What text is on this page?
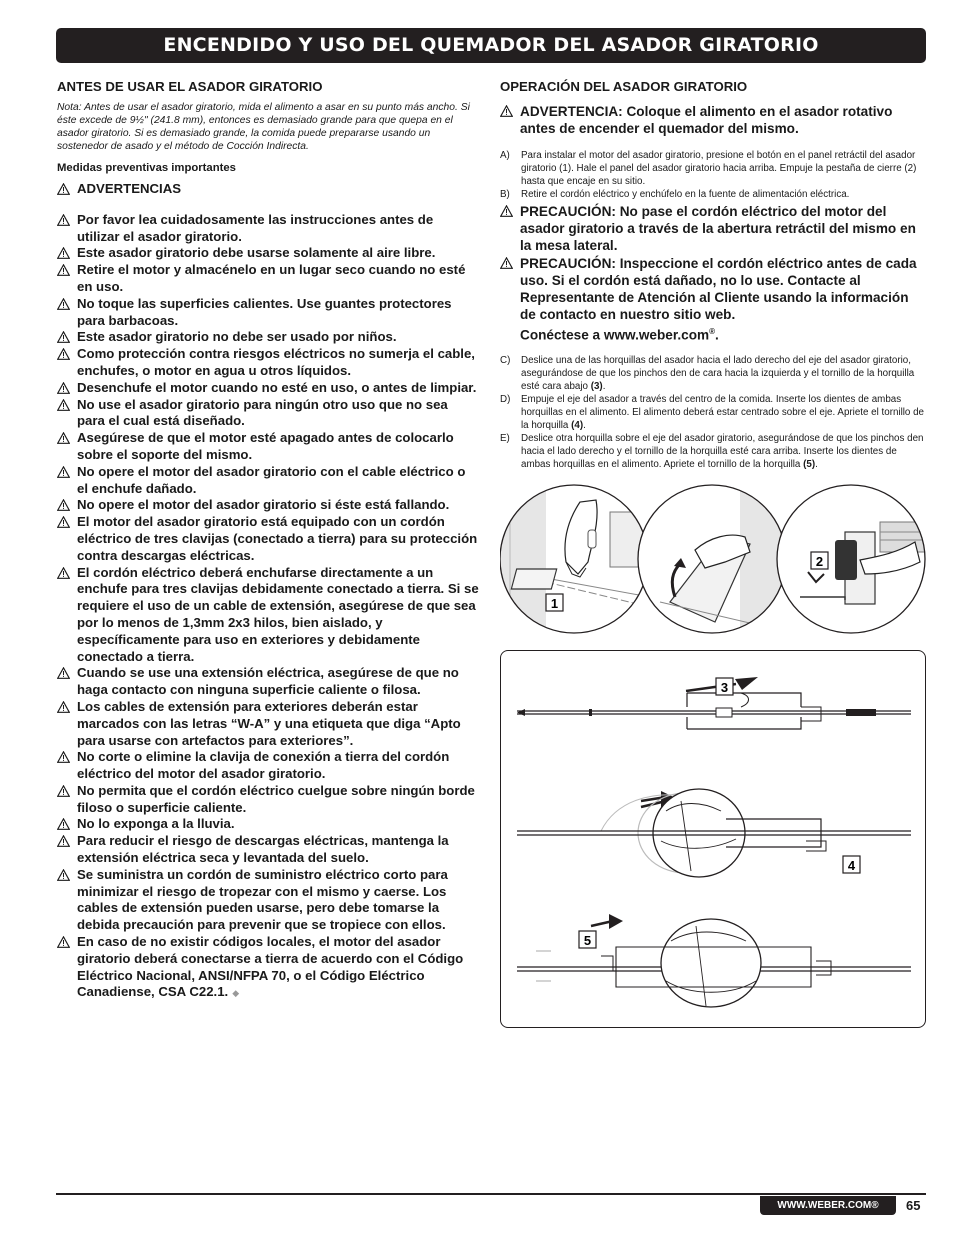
ENCENDIDO Y USO DEL QUEMADOR DEL ASADOR GIRATORIO
ANTES DE USAR EL ASADOR GIRATORIO
Nota: Antes de usar el asador giratorio, mida el alimento a asar en su punto más ancho. Si éste excede de 9½" (241.8 mm), entonces es demasiado grande para que quepa en el asador giratorio. Si es demasiado grande, la comida puede prepararse usando un sostenedor de asado y el método de Cocción Indirecta.
Medidas preventivas importantes
ADVERTENCIAS
Por favor lea cuidadosamente las instrucciones antes de utilizar el asador giratorio.
Este asador giratorio debe usarse solamente al aire libre.
Retire el motor y almacénelo en un lugar seco cuando no esté en uso.
No toque las superficies calientes. Use guantes protectores para barbacoas.
Este asador giratorio no debe ser usado por niños.
Como protección contra riesgos eléctricos no sumerja el cable, enchufes, o motor en agua u otros líquidos.
Desenchufe el motor cuando no esté en uso, o antes de limpiar.
No use el asador giratorio para ningún otro uso que no sea para el cual está diseñado.
Asegúrese de que el motor esté apagado antes de colocarlo sobre el soporte del mismo.
No opere el motor del asador giratorio con el cable eléctrico o el enchufe dañado.
No opere el motor del asador giratorio si éste está fallando.
El motor del asador giratorio está equipado con un cordón eléctrico de tres clavijas (conectado a tierra) para su protección contra descargas eléctricas.
El cordón eléctrico deberá enchufarse directamente a un enchufe para tres clavijas debidamente conectado a tierra. Si se requiere el uso de un cable de extensión, asegúrese de que sea por lo menos de 1,3mm 2x3 hilos, bien aislado, y específicamente para uso en exteriores y debidamente conectado a tierra.
Cuando se use una extensión eléctrica, asegúrese de que no haga contacto con ninguna superficie caliente o filosa.
Los cables de extensión para exteriores deberán estar marcados con las letras “W-A” y una etiqueta que diga “Apto para usarse con artefactos para exteriores”.
No corte o elimine la clavija de conexión a tierra del cordón eléctrico del motor del asador giratorio.
No permita que el cordón eléctrico cuelgue sobre ningún borde filoso o superficie caliente.
No lo exponga a la lluvia.
Para reducir el riesgo de descargas eléctricas, mantenga la extensión eléctrica seca y levantada del suelo.
Se suministra un cordón de suministro eléctrico corto para minimizar el riesgo de tropezar con el mismo y caerse. Los cables de extensión pueden usarse, pero debe tomarse la debida precaución para prevenir que se tropiece con ellos.
En caso de no existir códigos locales, el motor del asador giratorio deberá conectarse a tierra de acuerdo con el Código Eléctrico Nacional, ANSI/NFPA 70, o el Código Eléctrico Canadiense, CSA C22.1. ◆
OPERACIÓN DEL ASADOR GIRATORIO
ADVERTENCIA: Coloque el alimento en el asador rotativo antes de encender el quemador del mismo.
A) Para instalar el motor del asador giratorio, presione el botón en el panel retráctil del asador giratorio (1). Hale el panel del asador giratorio hacia arriba. Empuje la pestaña de cierre (2) hasta que encaje en su sitio.
B) Retire el cordón eléctrico y enchúfelo en la fuente de alimentación eléctrica.
PRECAUCIÓN: No pase el cordón eléctrico del motor del asador giratorio a través de la abertura retráctil del mismo en la mesa lateral.
PRECAUCIÓN: Inspeccione el cordón eléctrico antes de cada uso. Si el cordón está dañado, no lo use. Contacte al Representante de Atención al Cliente usando la información de contacto en nuestro sitio web.
Conéctese a www.weber.com®.
C) Deslice una de las horquillas del asador hacia el lado derecho del eje del asador giratorio, asegurándose de que los pinchos den de cara hacia la izquierda y el tornillo de la horquilla esté cara abajo (3).
D) Empuje el eje del asador a través del centro de la comida. Inserte los dientes de ambas horquillas en el alimento. El alimento deberá estar centrado sobre el eje. Apriete el tornillo de la horquilla (4).
E) Deslice otra horquilla sobre el eje del asador giratorio, asegurándose de que los pinchos den hacia el lado derecho y el tornillo de la horquilla esté cara arriba. Inserte los dientes de ambas horquillas en el alimento. Apriete el tornillo de la horquilla (5).
1
2
3
4
5
WWW.WEBER.COM®	65
